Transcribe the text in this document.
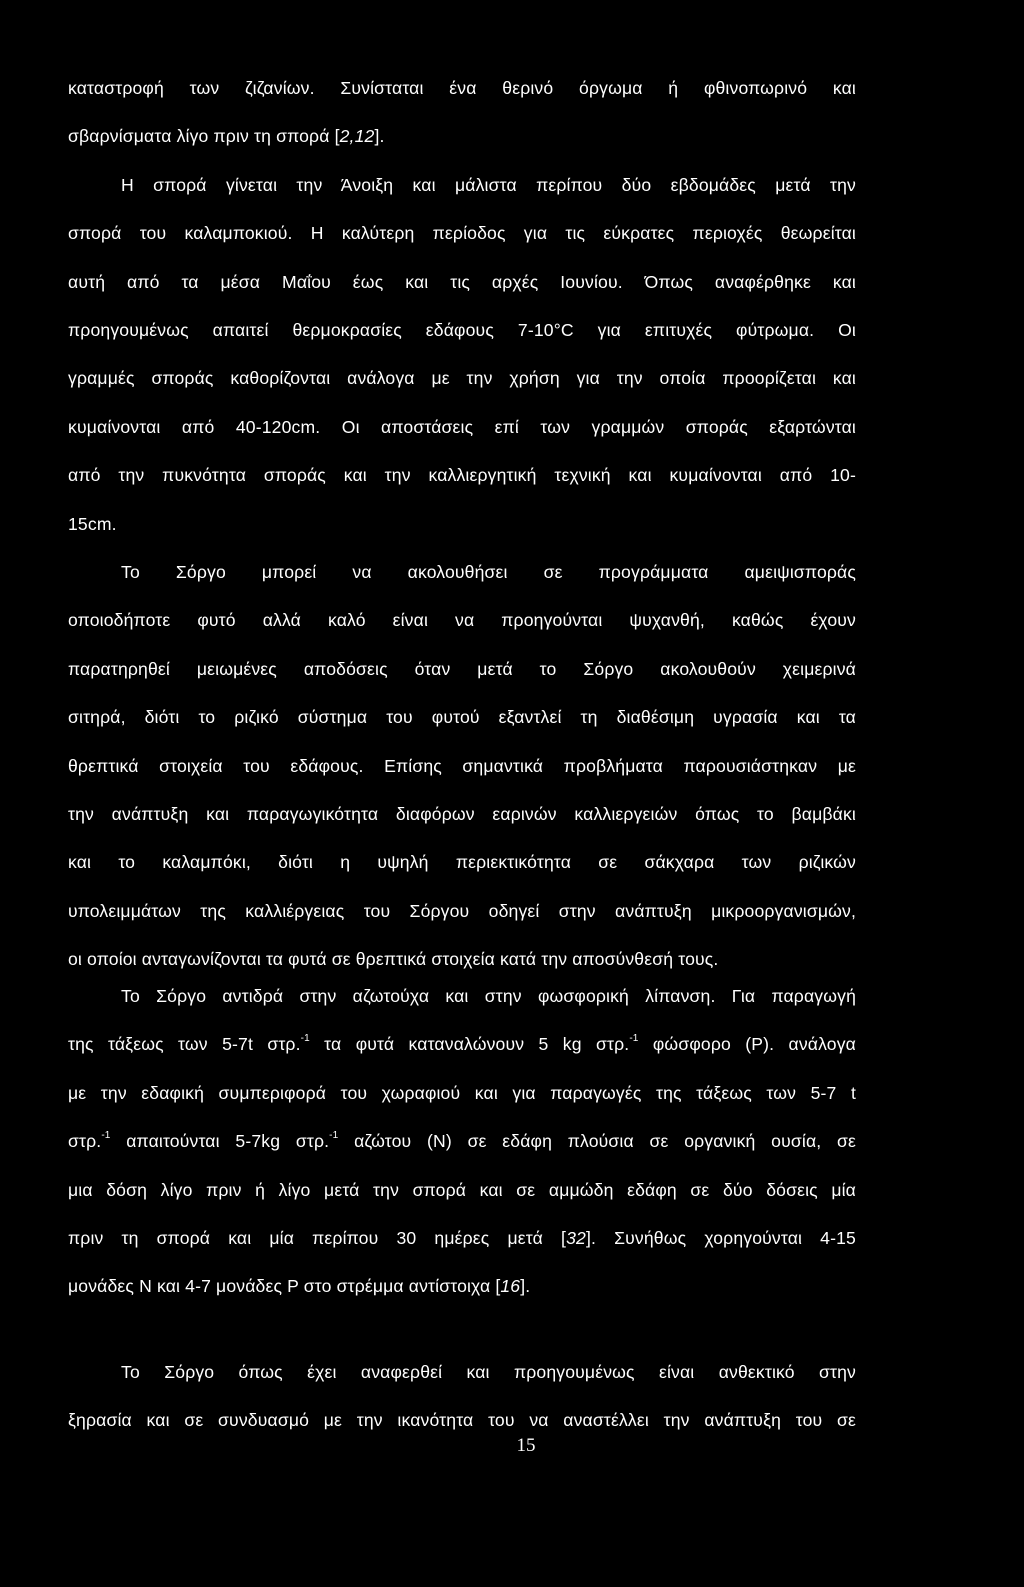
καταστροφή των ζιζανίων. Συνίσταται ένα θερινό όργωμα ή φθινοπωρινό και
σβαρνίσματα λίγο πριν τη σπορά [2,12].
Η σπορά γίνεται την Άνοιξη και μάλιστα περίπου δύο εβδομάδες μετά την
σπορά του καλαμποκιού. Η καλύτερη περίοδος για τις εύκρατες περιοχές θεωρείται
αυτή από τα μέσα Μαΐου έως και τις αρχές Ιουνίου. Όπως αναφέρθηκε και
προηγουμένως απαιτεί θερμοκρασίες εδάφους 7-10°C για επιτυχές φύτρωμα. Οι
γραμμές σποράς καθορίζονται ανάλογα με την χρήση για την οποία προορίζεται και
κυμαίνονται από 40-120cm. Οι αποστάσεις επί των γραμμών σποράς εξαρτώνται
από την πυκνότητα σποράς και την καλλιεργητική τεχνική και κυμαίνονται από 10-
15cm.
Το Σόργο μπορεί να ακολουθήσει σε προγράμματα αμειψισποράς
οποιοδήποτε φυτό αλλά καλό είναι να προηγούνται ψυχανθή, καθώς έχουν
παρατηρηθεί μειωμένες αποδόσεις όταν μετά το Σόργο ακολουθούν χειμερινά
σιτηρά, διότι το ριζικό σύστημα του φυτού εξαντλεί τη διαθέσιμη υγρασία και τα
θρεπτικά στοιχεία του εδάφους. Επίσης σημαντικά προβλήματα παρουσιάστηκαν με
την ανάπτυξη και παραγωγικότητα διαφόρων εαρινών καλλιεργειών όπως το βαμβάκι
και το καλαμπόκι, διότι η υψηλή περιεκτικότητα σε σάκχαρα των ριζικών
υπολειμμάτων της καλλιέργειας του Σόργου οδηγεί στην ανάπτυξη μικροοργανισμών,
οι οποίοι ανταγωνίζονται τα φυτά σε θρεπτικά στοιχεία κατά την αποσύνθεσή τους.
Το Σόργο αντιδρά στην αζωτούχα και στην φωσφορική λίπανση. Για παραγωγή
της τάξεως των 5-7t στρ.$^{-1}$ τα φυτά καταναλώνουν 5 kg στρ.$^{-1}$ φώσφορο (P). ανάλογα
με την εδαφική συμπεριφορά του χωραφιού και για παραγωγές της τάξεως των 5-7 t
στρ.$^{-1}$ απαιτούνται 5-7kg στρ.$^{-1}$ αζώτου (N) σε εδάφη πλούσια σε οργανική ουσία, σε
μια δόση λίγο πριν ή λίγο μετά την σπορά και σε αμμώδη εδάφη σε δύο δόσεις μία
πριν τη σπορά και μία περίπου 30 ημέρες μετά [32]. Συνήθως χορηγούνται 4-15
μονάδες N και 4-7 μονάδες P στο στρέμμα αντίστοιχα [16].
Το Σόργο όπως έχει αναφερθεί και προηγουμένως είναι ανθεκτικό στην
ξηρασία και σε συνδυασμό με την ικανότητα του να αναστέλλει την ανάπτυξη του σε
15
